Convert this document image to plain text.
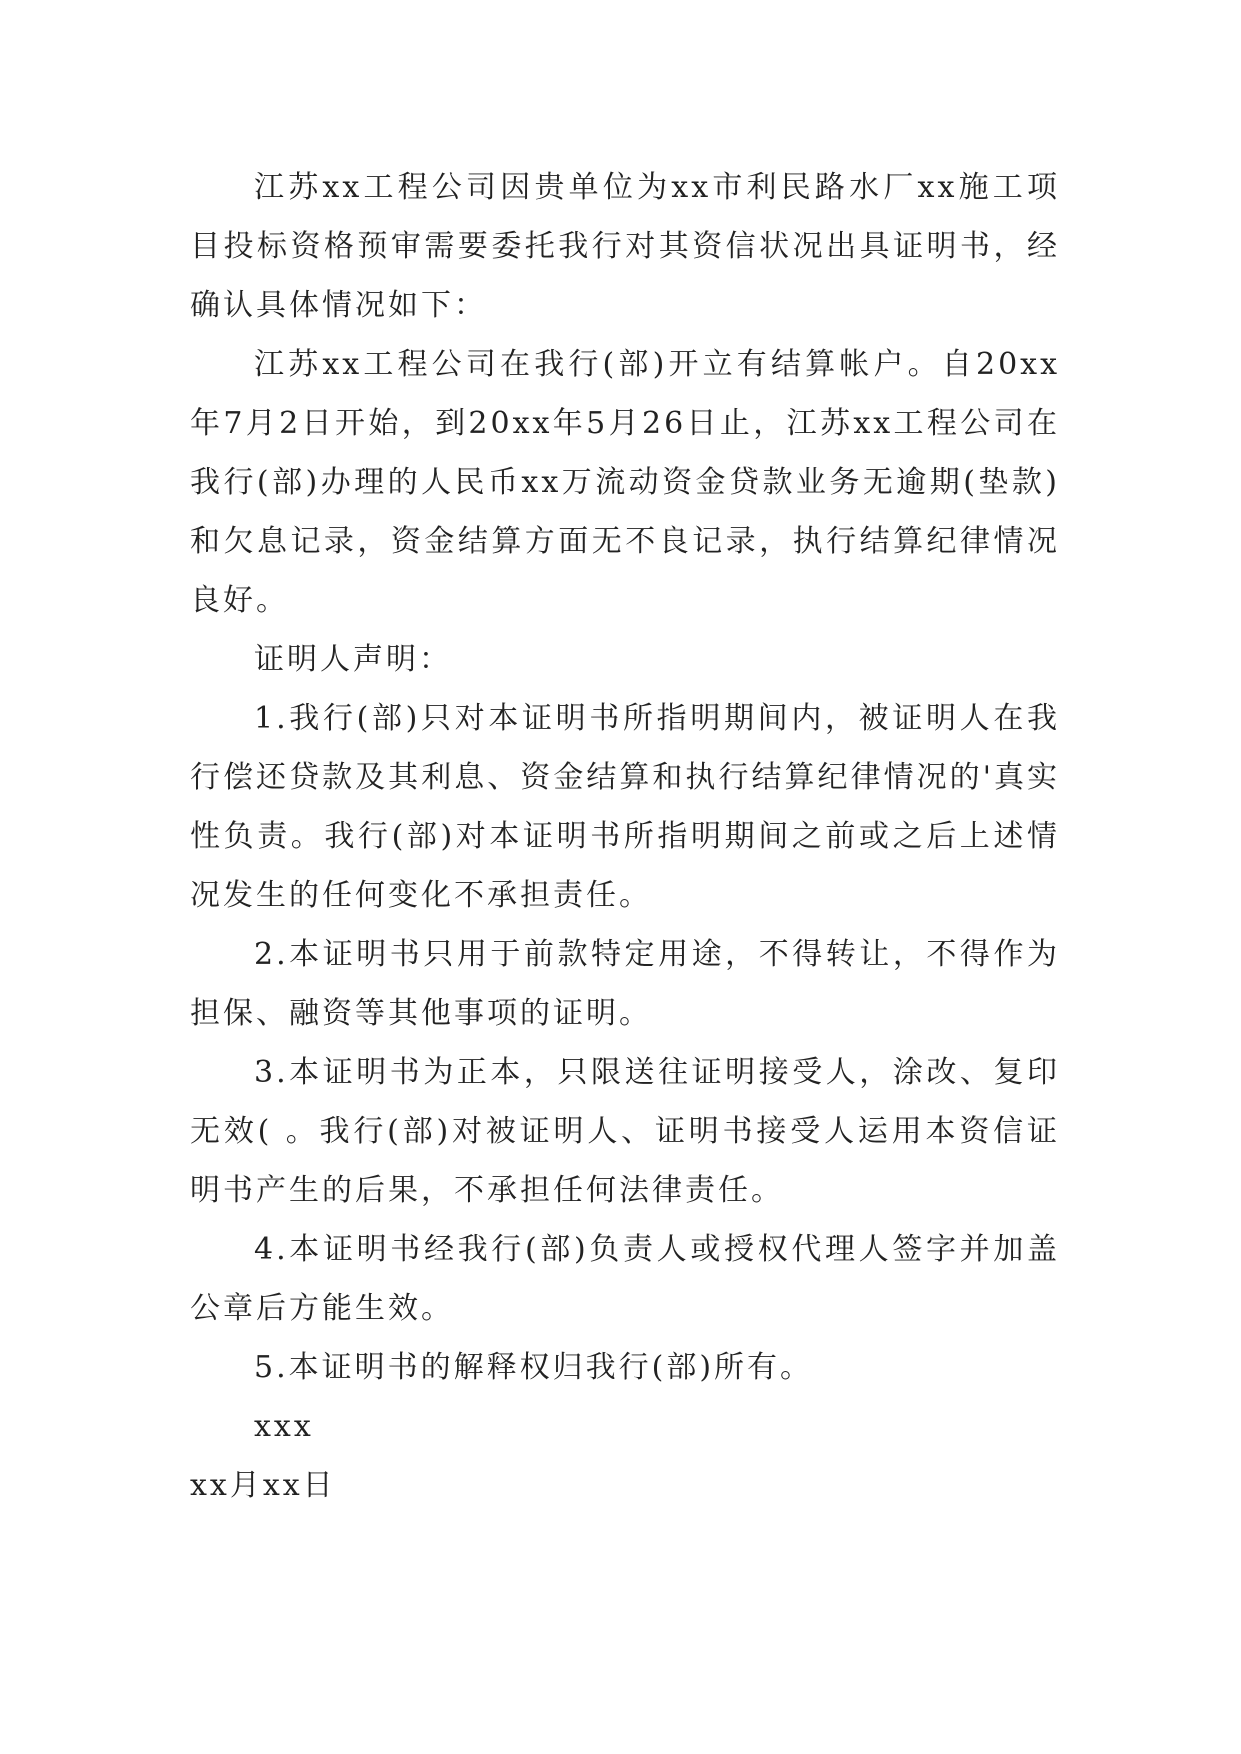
江苏xx工程公司因贵单位为xx市利民路水厂xx施工项目投标资格预审需要委托我行对其资信状况出具证明书，经确认具体情况如下：

江苏xx工程公司在我行(部)开立有结算帐户。自20xx年7月2日开始，到20xx年5月26日止，江苏xx工程公司在我行(部)办理的人民币xx万流动资金贷款业务无逾期(垫款)和欠息记录，资金结算方面无不良记录，执行结算纪律情况良好。

证明人声明：

1.我行(部)只对本证明书所指明期间内，被证明人在我行偿还贷款及其利息、资金结算和执行结算纪律情况的'真实性负责。我行(部)对本证明书所指明期间之前或之后上述情况发生的任何变化不承担责任。

2.本证明书只用于前款特定用途，不得转让，不得作为担保、融资等其他事项的证明。

3.本证明书为正本，只限送往证明接受人，涂改、复印无效( 。我行(部)对被证明人、证明书接受人运用本资信证明书产生的后果，不承担任何法律责任。

4.本证明书经我行(部)负责人或授权代理人签字并加盖公章后方能生效。

5.本证明书的解释权归我行(部)所有。

xxx

xx月xx日
